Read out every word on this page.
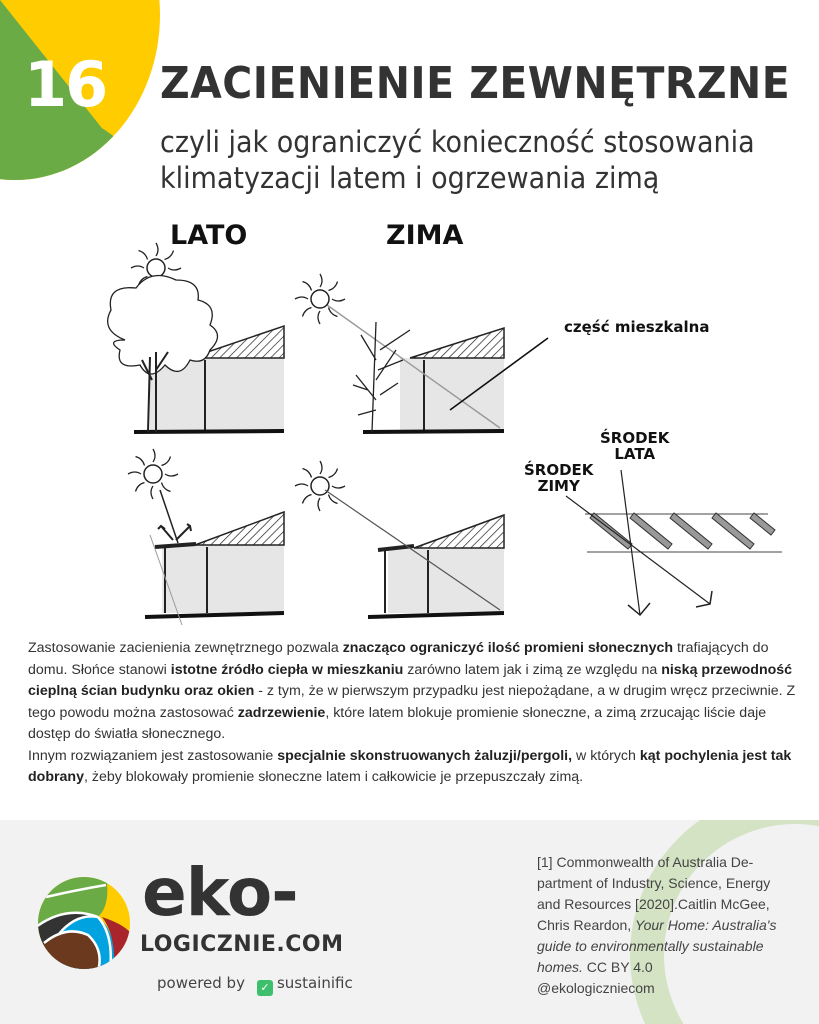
16 ZACIENIENIE ZEWNĘTRZNE
czyli jak ograniczyć konieczność stosowania
klimatyzacji latem i ogrzewania zimą
LATO	ZIMA
część mieszkalna
ŚRODEK
LATA
ŚRODEK
ZIMY
Zastosowanie zacienienia zewnętrznego pozwala znacząco ograniczyć ilość promieni słonecznych trafiających do domu. Słońce stanowi istotne źródło ciepła w mieszkaniu zarówno latem jak i zimą ze względu na niską przewodność cieplną ścian budynku oraz okien - z tym, że w pierwszym przypadku jest niepożądane, a w drugim wręcz przeciwnie. Z tego powodu można zastosować zadrzewienie, które latem blokuje promienie słoneczne, a zimą zrzucając liście daje dostęp do światła słonecznego.
Innym rozwiązaniem jest zastosowanie specjalnie skonstruowanych żaluzji/pergoli, w których kąt pochylenia jest tak dobrany, żeby blokowały promienie słoneczne latem i całkowicie je przepuszczały zimą.
eko-
LOGICZNIE.COM
powered by ✓ sustainific
[1] Commonwealth of Australia De-partment of Industry, Science, Energy and Resources [2020].Caitlin McGee, Chris Reardon, Your Home: Australia's guide to environmentally sustainable homes. CC BY 4.0
@ekologiczniecom
